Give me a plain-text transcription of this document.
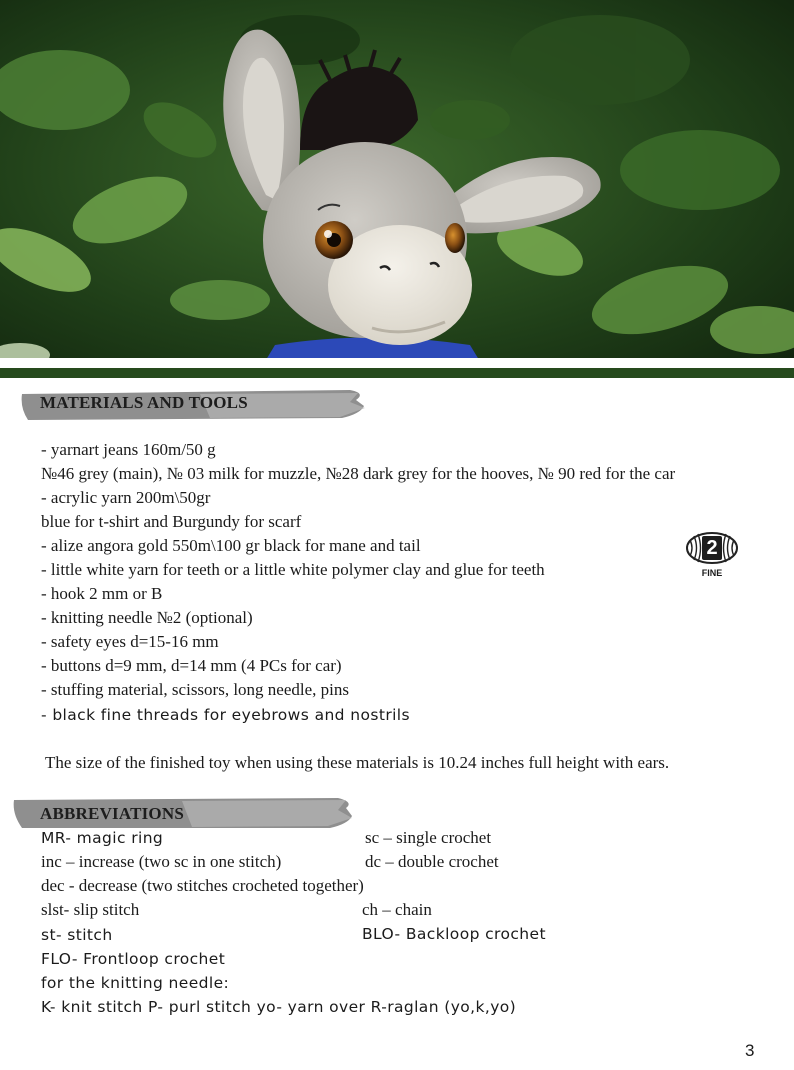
MATERIALS AND TOOLS
- yarnart jeans 160m/50 g
№46 grey (main), № 03 milk for muzzle, №28 dark grey for the hooves, № 90 red for the car
- acrylic yarn 200m\50gr
blue for t-shirt and Burgundy for scarf
- alize angora gold 550m\100 gr black for mane and tail
- little white yarn for teeth or a little white polymer clay and glue for teeth
- hook 2 mm or B
- knitting needle №2 (optional)
- safety eyes d=15-16 mm
- buttons d=9 mm, d=14 mm (4 PCs for car)
- stuffing material, scissors, long needle, pins
- black fine threads for eyebrows and nostrils
The size of the finished toy when using these materials is 10.24 inches full height with ears.
2
FINE
ABBREVIATIONS
MR- magic ring
inc – increase (two sc in one stitch)
dec - decrease (two stitches crocheted together)
slst- slip stitch
st- stitch
FLO- Frontloop crochet
for the knitting needle:
K- knit stitch P- purl stitch yo- yarn over R-raglan (yo,k,yo)
sc – single crochet
dc – double crochet
ch – chain
BLO- Backloop crochet
3
